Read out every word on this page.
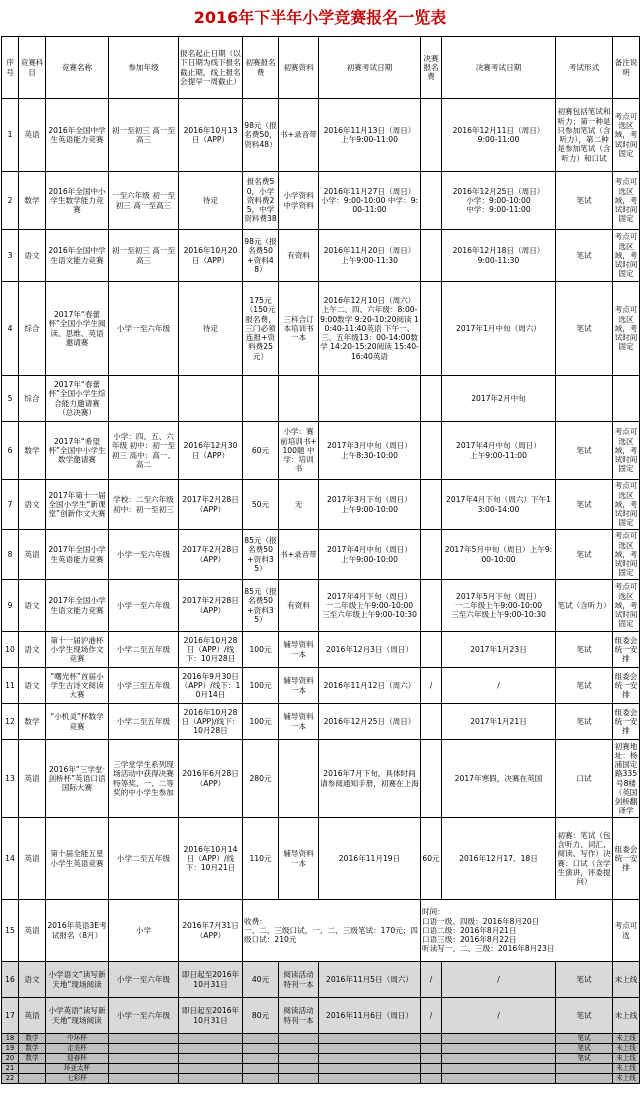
2016年下半年小学竞赛报名一览表
序号	竞赛科目	竞赛名称	参加年级	报名起止日期（以下日期为线下报名截止期，线上报名会提早一周截止）	初赛报名费	初赛资料	初赛考试日期	决赛报名费	决赛考试日期	考试形式	备注说明
1	英语	2016年全国中学生英语能力竞赛	初一至初三 高一至高三	2016年10月13日（APP）	98元（报名费50，资料48）	书+录音带	2016年11月13日（周日）
上午9:00-11:00		2016年12月11日（周日）
9:00-11:00	初赛包括笔试和听力；第一种是只参加笔试（含听力），第二种是参加笔试（含听力）和口试	考点可选区域，考试时间固定
2	数学	2016年全国中小学生数学能力竞赛	一至六年级 初一至初三 高一至高三	待定	报名费50，小学资料费25，中学资料费38	小学资料中学资料	2016年11月27日（周日）
小学：9:00-10:00 中学：9:00-11:00		2016年12月25日（周日）
小学：9:00-10:00
中学：9:00-11:00	笔试	考点可选区域，考试时间固定
3	语文	2016年全国中学生语文能力竞赛	初一至初三 高一至高三	2016年10月20日（APP）	98元（报名费50+资料48）	有资料	2016年11月20日（周日）
上午9:00-11:30		2016年12月18日（周日）
9:00-11:30	笔试	考点可选区域，考试时间固定
4	综合	2017年“春蕾杯”全国小学生阅读、思维、英语邀请赛	小学一至六年级	待定	175元（150元报名费，三门必须连报+资料费25元）	三科合订本培训书一本	2016年12月10日（周六）
上午二、四、六年级：8:00-9:00数学 9:20-10:20阅读 10:40-11:40英语 下午一、三、五年级13：00-14:00数学 14:20-15:20阅读 15:40-16:40英语		2017年1月中旬（周六）	笔试	考点可选区域，考试时间固定
5	综合	2017年“春蕾杯”全国小学生综合能力邀请赛（总决赛）							2017年2月中旬		
6	数学	2017年“希望杯”全国中小学生数学邀请赛	小学：四、五、六年级 初中：初一至初三 高中：高一、高二	2016年12月30日（APP）	60元	小学：赛前培训书+100题 中学：培训书	2017年3月中旬（周日）
上午8:30-10:00		2017年4月中旬（周日）
上午9:00-11:00	笔试	考点可选区域，考试时间固定
7	语文	2017年第十一届全国小学生“新课堂”创新作文大赛	学校：二至六年级 初中：初一至初三	2017年2月28日（APP）	50元	无	2017年3月下旬（周日）
上午9:00-10:00		2017年4月下旬（周六）下午13:00-14:00	笔试	考点可选区域，考试时间固定
8	英语	2017年全国小学生英语能力竞赛	小学一至六年级	2017年2月28日（APP）	85元（报名费50+资料35）	书+录音带	2017年4月中旬（周日）
上午9:00-10:00		2017年5月中旬（周日）上午9:00-10:00	笔试	考点可选区域，考试时间固定
9	语文	2017年全国小学生语文能力竞赛	小学一至六年级	2017年2月28日（APP）	85元（报名费50+资料35）	有资料	2017年4月下旬（周日）
一二年级上午9:00-10:00
三至六年级上午9:00-10:30		2017年5月下旬（周日）
一二年级上午9:00-10:00
三至六年级上午9:00-10:30	笔试（含听力）	考点可选区域，考试时间固定
10	语文	第十一届沪港杯小学生现场作文竞赛	小学二至五年级	2016年10月28日（APP）/线下：10月28日	100元	辅导资料一本	2016年12月3日（周日）		2017年1月23日	笔试	组委会统一安排
11	语文	“曙光杯”首届小学生古诗文阅读大赛	小学三至五年级	2016年9月30日（APP）/线下：10月14日	100元	辅导资料一本	2016年11月12日（周六）	/	/	笔试	组委会统一安排
12	数学	“小机灵”杯数学竞赛	小学二至五年级	2016年10月28日（APP)/线下：10月28日	100元	辅导资料一本	2016年12月25日（周日）		2017年1月21日	笔试	组委会统一安排
13	英语	2016年“三学堂·剑桥杯”英语口语国际大赛	三学堂学生系列现场活动中获得决赛特等奖、一、二等奖的中小学生参加	2016年6月28日（APP）	280元		2016年7月下旬，具体时间请参阅通知手册，初赛在上海		2017年寒假，决赛在英国	口试	初赛地址：杨浦国定路335号8楼（英国剑桥翻译学
14	英语	第十届全能五星小学生英语竞赛	小学二至五年级	2016年10月14日（APP）/线下：10月21日	110元	辅导资料一本	2016年11月19日	60元	2016年12月17、18日	初赛：笔试（包含听力、词汇、阅读、写作）决赛：口试（含学生演讲，评委提问）	组委会统一安排
15	英语	2016年英语3E考试报名（8月）	小学	2016年7月31日（APP）	收费：
一、二、三级口试，一、二、三级笔试：170元；四级口试：210元			时间：
口语一级、四级：2016年8月20日
口语二级：2016年8月21日
口语三级：2016年8月22日
听读写一、二、三级：2016年8月23日			考点可选
16	语文	小学语文“读写新天地”现场阅读	小学一至六年级	即日起至2016年10月31日	40元	阅读活动特刊一本	2016年11月5日（周六）	/	/	笔试	未上线
17	英语	小学英语“读写新天地”现场阅读	小学一至六年级	即日起至2016年10月31日	80元	阅读活动特刊一本	2016年11月6日（周日）	/	/	笔试	未上线
18	数学	中环杯								笔试	未上线
19	数学	走美杯								笔试	未上线
20	数学	迎春杯								笔试	未上线
21		环亚太杯									未上线
22		七彩杯									未上线
